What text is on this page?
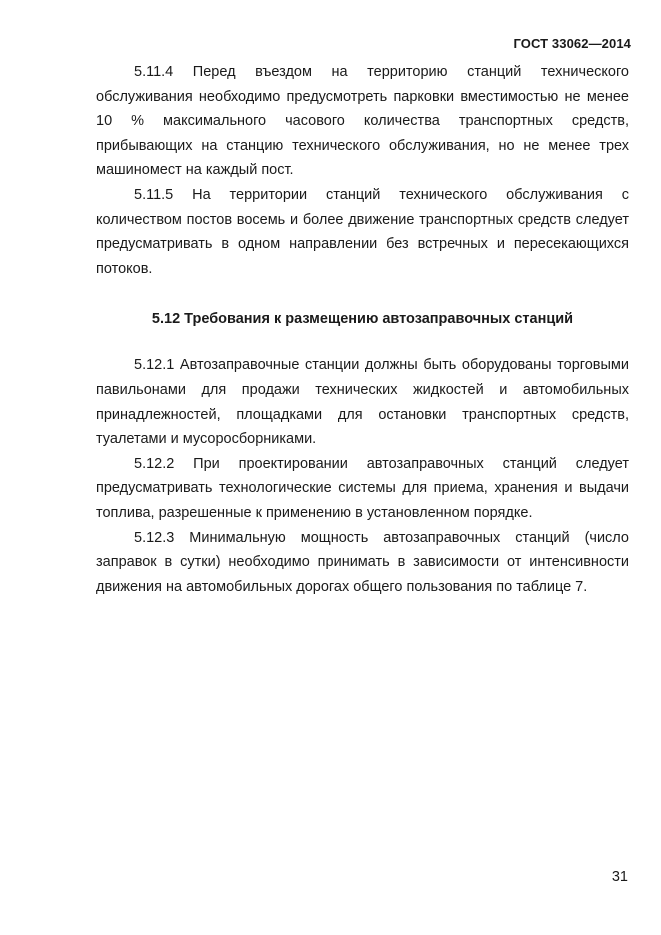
ГОСТ 33062—2014

5.11.4 Перед въездом на территорию станций технического обслуживания необходимо предусмотреть парковки вместимостью не менее 10 % максимального часового количества транспортных средств, прибывающих на станцию технического обслуживания, но не менее трех машиномест на каждый пост.

5.11.5 На территории станций технического обслуживания с количеством постов восемь и более движение транспортных средств следует предусматривать в одном направлении без встречных и пересекающихся потоков.

5.12 Требования к размещению автозаправочных станций

5.12.1 Автозаправочные станции должны быть оборудованы торговыми павильонами для продажи технических жидкостей и автомобильных принадлежностей, площадками для остановки транспортных средств, туалетами и мусоросборниками.

5.12.2 При проектировании автозаправочных станций следует предусматривать технологические системы для приема, хранения и выдачи топлива, разрешенные к применению в установленном порядке.

5.12.3 Минимальную мощность автозаправочных станций (число заправок в сутки) необходимо принимать в зависимости от интенсивности движения на автомобильных дорогах общего пользования по таблице 7.

31
